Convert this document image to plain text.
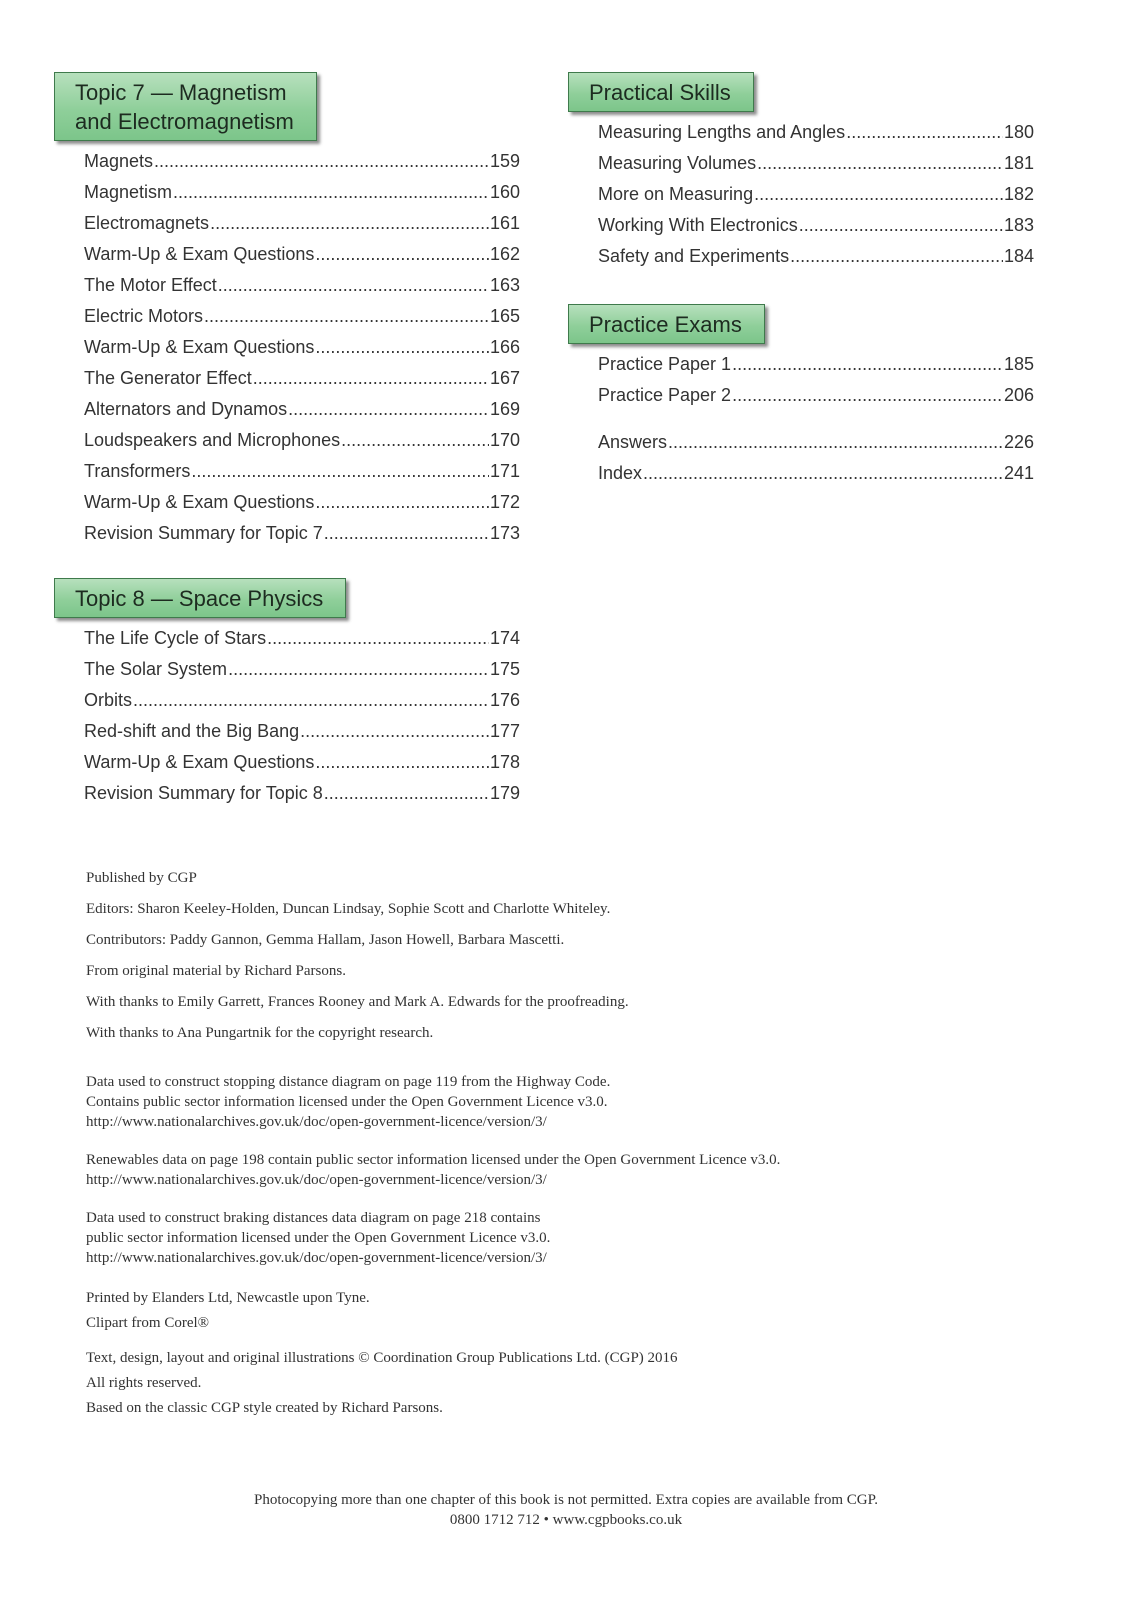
Topic 7 — Magnetism
and Electromagnetism
Magnets .....	159
Magnetism .....	160
Electromagnets .....	161
Warm-Up & Exam Questions .....	162
The Motor Effect .....	163
Electric Motors .....	165
Warm-Up & Exam Questions .....	166
The Generator Effect .....	167
Alternators and Dynamos .....	169
Loudspeakers and Microphones .....	170
Transformers .....	171
Warm-Up & Exam Questions .....	172
Revision Summary for Topic 7 .....	173
Topic 8 — Space Physics
The Life Cycle of Stars .....	174
The Solar System .....	175
Orbits .....	176
Red-shift and the Big Bang .....	177
Warm-Up & Exam Questions .....	178
Revision Summary for Topic 8 .....	179
Practical Skills
Measuring Lengths and Angles .....	180
Measuring Volumes .....	181
More on Measuring .....	182
Working With Electronics .....	183
Safety and Experiments .....	184
Practice Exams
Practice Paper 1 .....	185
Practice Paper 2 .....	206
Answers .....	226
Index .....	241

Published by CGP

Editors: Sharon Keeley-Holden, Duncan Lindsay, Sophie Scott and Charlotte Whiteley.

Contributors: Paddy Gannon, Gemma Hallam, Jason Howell, Barbara Mascetti.

From original material by Richard Parsons.

With thanks to Emily Garrett, Frances Rooney and Mark A. Edwards for the proofreading.

With thanks to Ana Pungartnik for the copyright research.

Data used to construct stopping distance diagram on page 119 from the Highway Code.

Contains public sector information licensed under the Open Government Licence v3.0.

http://www.nationalarchives.gov.uk/doc/open-government-licence/version/3/

Renewables data on page 198 contain public sector information licensed under the Open Government Licence v3.0.

http://www.nationalarchives.gov.uk/doc/open-government-licence/version/3/

Data used to construct braking distances data diagram on page 218 contains

public sector information licensed under the Open Government Licence v3.0.

http://www.nationalarchives.gov.uk/doc/open-government-licence/version/3/

Printed by Elanders Ltd, Newcastle upon Tyne.

Clipart from Corel®

Text, design, layout and original illustrations © Coordination Group Publications Ltd. (CGP) 2016

All rights reserved.

Based on the classic CGP style created by Richard Parsons.

Photocopying more than one chapter of this book is not permitted. Extra copies are available from CGP.
0800 1712 712 • www.cgpbooks.co.uk
